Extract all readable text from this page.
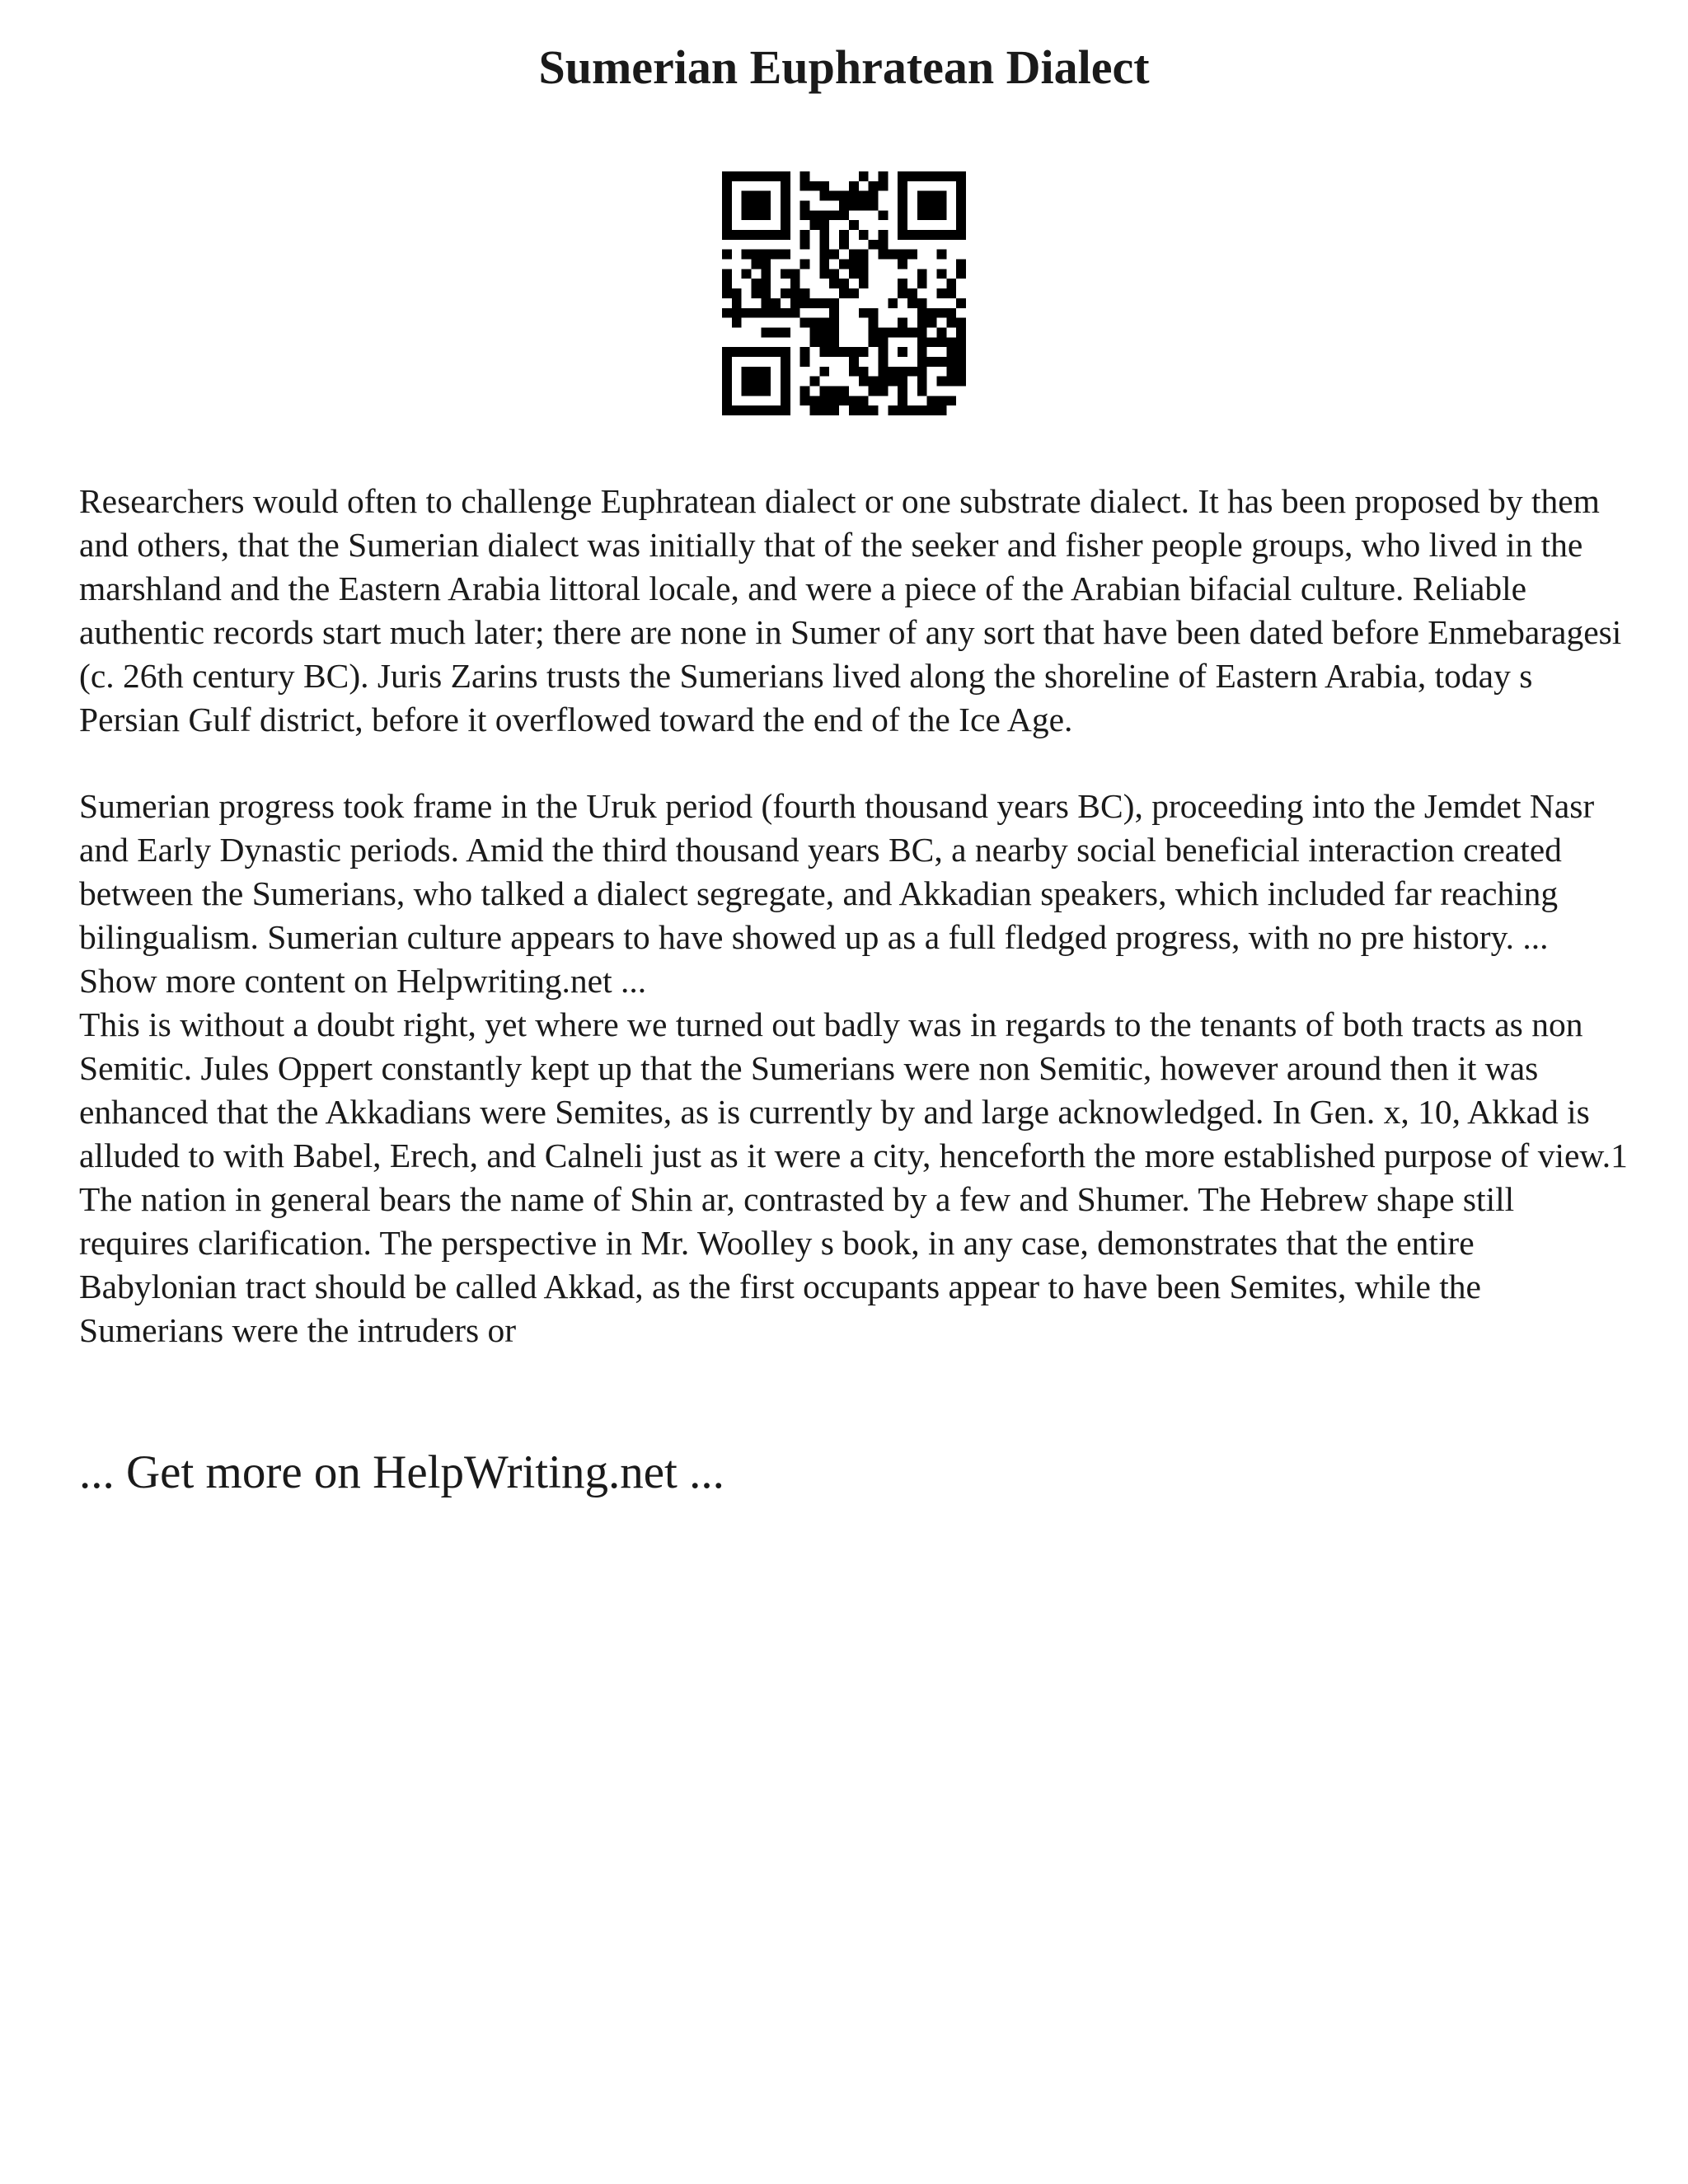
Sumerian Euphratean Dialect

Researchers would often to challenge Euphratean dialect or one substrate dialect. It has been proposed by them and others, that the Sumerian dialect was initially that of the seeker and fisher people groups, who lived in the marshland and the Eastern Arabia littoral locale, and were a piece of the Arabian bifacial culture. Reliable authentic records start much later; there are none in Sumer of any sort that have been dated before Enmebaragesi (c. 26th century BC). Juris Zarins trusts the Sumerians lived along the shoreline of Eastern Arabia, today s Persian Gulf district, before it overflowed toward the end of the Ice Age.

Sumerian progress took frame in the Uruk period (fourth thousand years BC), proceeding into the Jemdet Nasr and Early Dynastic periods. Amid the third thousand years BC, a nearby social beneficial interaction created between the Sumerians, who talked a dialect segregate, and Akkadian speakers, which included far reaching bilingualism. Sumerian culture appears to have showed up as a full fledged progress, with no pre history. ... Show more content on Helpwriting.net ...

This is without a doubt right, yet where we turned out badly was in regards to the tenants of both tracts as non Semitic. Jules Oppert constantly kept up that the Sumerians were non Semitic, however around then it was enhanced that the Akkadians were Semites, as is currently by and large acknowledged. In Gen. x, 10, Akkad is alluded to with Babel, Erech, and Calneli just as it were a city, henceforth the more established purpose of view.1 The nation in general bears the name of Shin ar, contrasted by a few and Shumer. The Hebrew shape still requires clarification. The perspective in Mr. Woolley s book, in any case, demonstrates that the entire Babylonian tract should be called Akkad, as the first occupants appear to have been Semites, while the Sumerians were the intruders or

... Get more on HelpWriting.net ...
